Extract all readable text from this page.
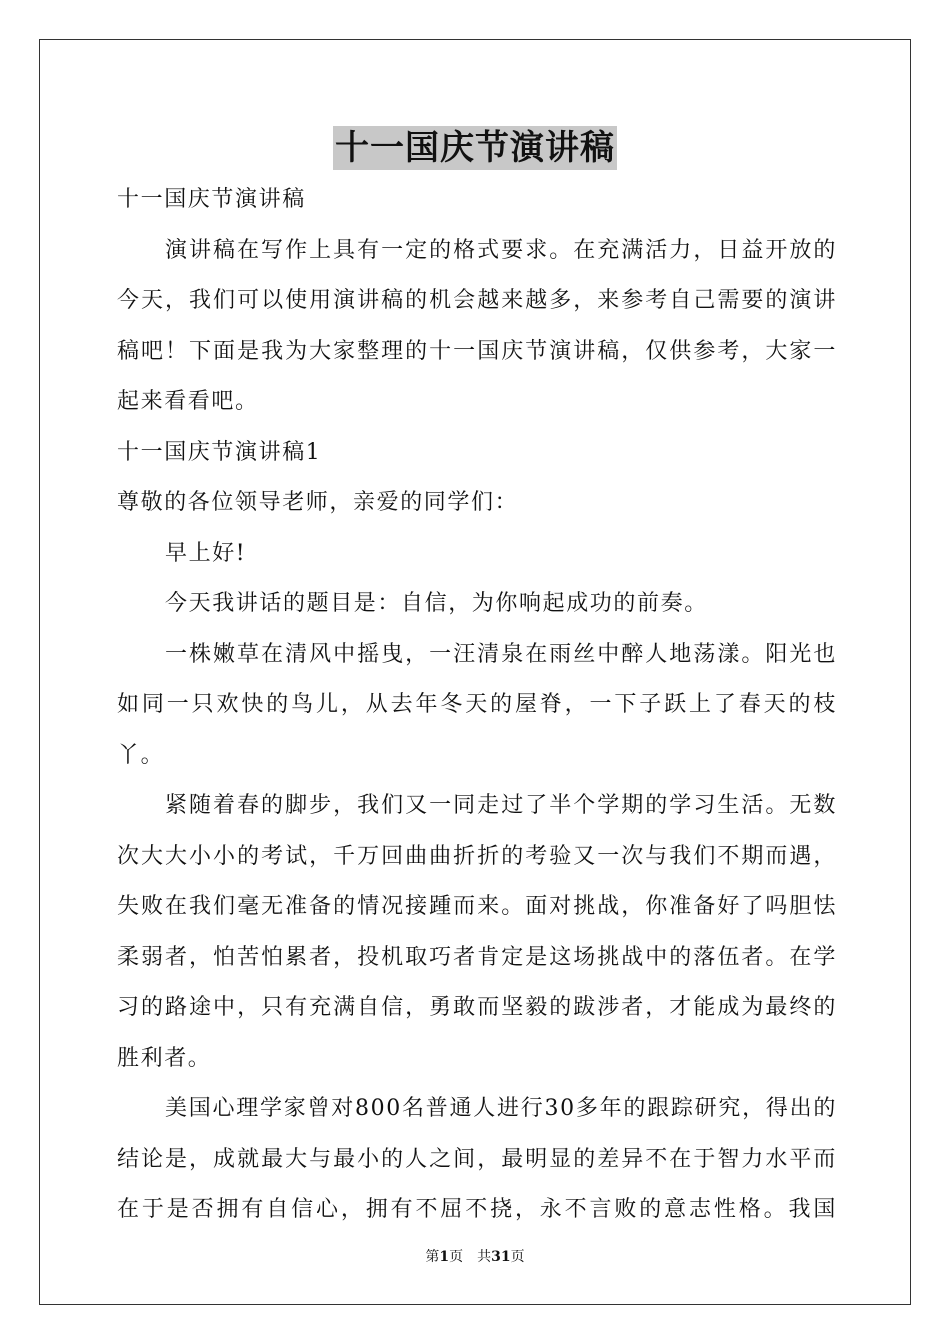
十一国庆节演讲稿

十一国庆节演讲稿

演讲稿在写作上具有一定的格式要求。在充满活力，日益开放的今天，我们可以使用演讲稿的机会越来越多，来参考自己需要的演讲稿吧！下面是我为大家整理的十一国庆节演讲稿，仅供参考，大家一起来看看吧。

十一国庆节演讲稿1

尊敬的各位领导老师，亲爱的同学们：

早上好!

今天我讲话的题目是：自信，为你响起成功的前奏。

一株嫩草在清风中摇曳，一汪清泉在雨丝中醉人地荡漾。阳光也如同一只欢快的鸟儿，从去年冬天的屋脊，一下子跃上了春天的枝丫。

紧随着春的脚步，我们又一同走过了半个学期的学习生活。无数次大大小小的考试，千万回曲曲折折的考验又一次与我们不期而遇，失败在我们毫无准备的情况接踵而来。面对挑战，你准备好了吗胆怯柔弱者，怕苦怕累者，投机取巧者肯定是这场挑战中的落伍者。在学习的路途中，只有充满自信，勇敢而坚毅的跋涉者，才能成为最终的胜利者。

美国心理学家曾对800名普通人进行30多年的跟踪研究，得出的结论是，成就最大与最小的人之间，最明显的差异不在于智力水平而在于是否拥有自信心，拥有不屈不挠，永不言败的意志性格。我国

第1页 共31页
